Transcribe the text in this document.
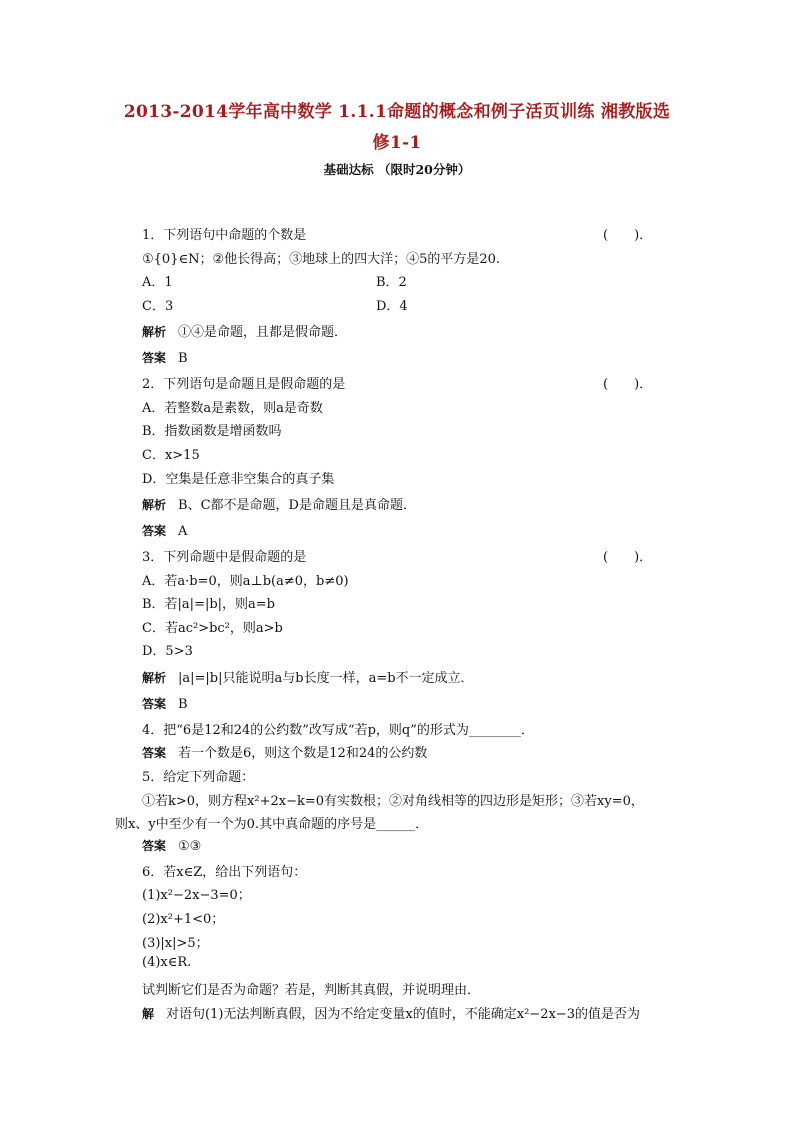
2013-2014学年高中数学 1.1.1命题的概念和例子活页训练 湘教版选
修1-1
基础达标 （限时20分钟）
1．下列语句中命题的个数是	(　　)．
①{0}∈N；②他长得高；③地球上的四大洋；④5的平方是20.
A．1	B．2
C．3	D．4
解析 ①④是命题，且都是假命题．
答案 B
2．下列语句是命题且是假命题的是	(　　)．
A．若整数a是素数，则a是奇数
B．指数函数是增函数吗
C．x>15
D．空集是任意非空集合的真子集
解析 B、C都不是命题，D是命题且是真命题．
答案 A
3．下列命题中是假命题的是	(　　)．
A．若a·b=0，则a⊥b(a≠0，b≠0)
B．若|a|=|b|，则a=b
C．若ac²>bc²，则a>b
D．5>3
解析 |a|=|b|只能说明a与b长度一样，a=b不一定成立．
答案 B
4．把“6是12和24的公约数”改写成“若p，则q”的形式为________．
答案 若一个数是6，则这个数是12和24的公约数
5．给定下列命题：
①若k>0，则方程x²+2x−k=0有实数根；②对角线相等的四边形是矩形；③若xy=0，
则x、y中至少有一个为0.其中真命题的序号是______．
答案 ①③
6．若x∈Z，给出下列语句：
(1)x²−2x−3=0；
(2)x²+1<0；
(3)|x|>5；
(4)x∈R.
试判断它们是否为命题？若是，判断其真假，并说明理由．
解 对语句(1)无法判断真假，因为不给定变量x的值时，不能确定x²−2x−3的值是否为
